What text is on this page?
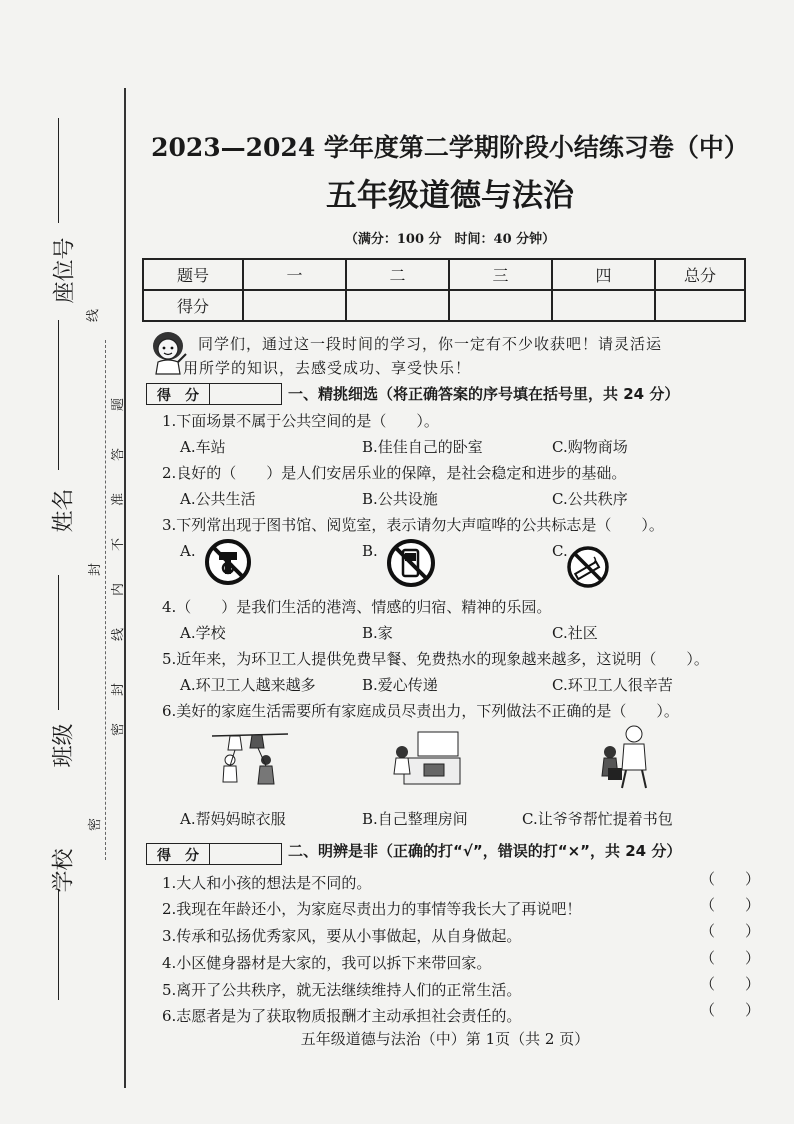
座位号
姓名
班级
学校
线
题
答
准
不
内
线
封
密
封
密
2023—2024 学年度第二学期阶段小结练习卷（中）
五年级道德与法治
（满分：100 分　时间：40 分钟）
题号	一	二	三	四	总分
得分					
同学们，通过这一段时间的学习，你一定有不少收获吧！请灵活运
用所学的知识，去感受成功、享受快乐！
得　分	一、精挑细选（将正确答案的序号填在括号里，共 24 分）
1.下面场景不属于公共空间的是（　　）。
A.车站	B.佳佳自己的卧室	C.购物商场
2.良好的（　　）是人们安居乐业的保障，是社会稳定和进步的基础。
A.公共生活	B.公共设施	C.公共秩序
3.下列常出现于图书馆、阅览室，表示请勿大声喧哗的公共标志是（　　）。
A.	B.	C.
4.（　　）是我们生活的港湾、情感的归宿、精神的乐园。
A.学校	B.家	C.社区
5.近年来，为环卫工人提供免费早餐、免费热水的现象越来越多，这说明（　　）。
A.环卫工人越来越多	B.爱心传递	C.环卫工人很辛苦
6.美好的家庭生活需要所有家庭成员尽责出力，下列做法不正确的是（　　）。
A.帮妈妈晾衣服	B.自己整理房间	C.让爷爷帮忙提着书包
得　分	二、明辨是非（正确的打“√”，错误的打“×”，共 24 分）
1.大人和小孩的想法是不同的。	（　　）
2.我现在年龄还小，为家庭尽责出力的事情等我长大了再说吧！	（　　）
3.传承和弘扬优秀家风，要从小事做起，从自身做起。	（　　）
4.小区健身器材是大家的，我可以拆下来带回家。	（　　）
5.离开了公共秩序，就无法继续维持人们的正常生活。	（　　）
6.志愿者是为了获取物质报酬才主动承担社会责任的。	（　　）
五年级道德与法治（中）第 1页（共 2 页）
